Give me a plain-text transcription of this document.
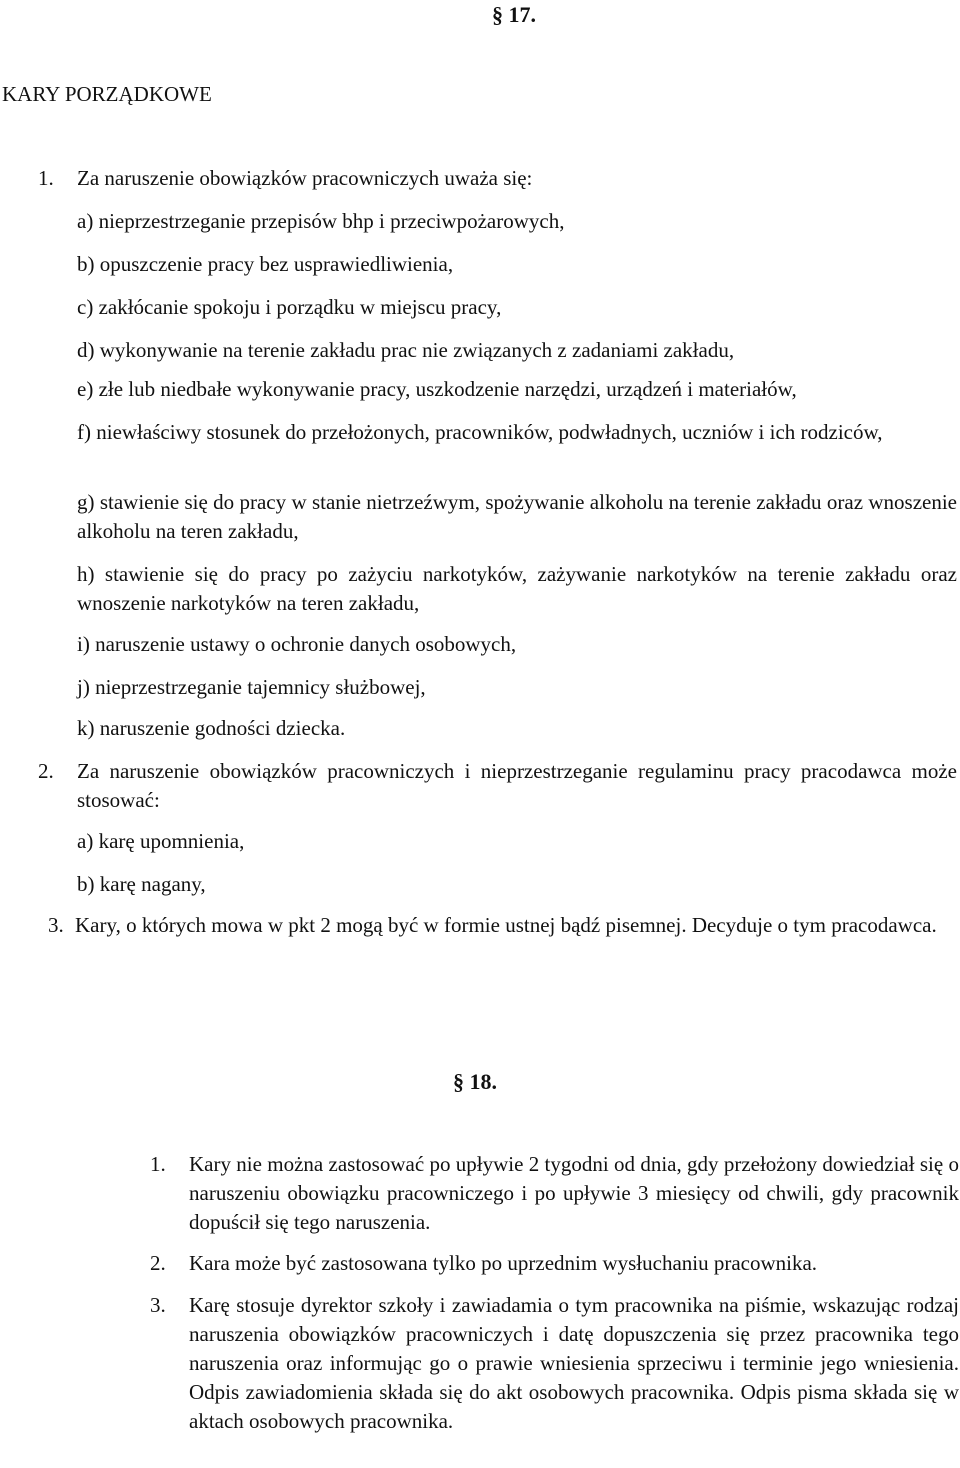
§ 17.
KARY PORZĄDKOWE
1. Za naruszenie obowiązków pracowniczych uważa się:
a) nieprzestrzeganie przepisów bhp i przeciwpożarowych,
b) opuszczenie pracy bez usprawiedliwienia,
c) zakłócanie spokoju i porządku w miejscu pracy,
d) wykonywanie na terenie zakładu prac nie związanych z zadaniami zakładu,
e) złe lub niedbałe wykonywanie pracy, uszkodzenie narzędzi, urządzeń i materiałów,
f) niewłaściwy stosunek do przełożonych, pracowników, podwładnych, uczniów i ich rodziców,
g) stawienie się do pracy w stanie nietrzeźwym, spożywanie alkoholu na terenie zakładu oraz wnoszenie alkoholu na teren zakładu,
h) stawienie się do pracy po zażyciu narkotyków, zażywanie narkotyków na terenie zakładu oraz wnoszenie narkotyków na teren zakładu,
i) naruszenie ustawy o ochronie danych osobowych,
j) nieprzestrzeganie tajemnicy służbowej,
k) naruszenie godności dziecka.
2. Za naruszenie obowiązków pracowniczych i nieprzestrzeganie regulaminu pracy pracodawca może stosować:
a) karę upomnienia,
b) karę nagany,
3. Kary, o których mowa w pkt 2 mogą być w formie ustnej bądź pisemnej. Decyduje o tym pracodawca.
§ 18.
1. Kary nie można zastosować po upływie 2 tygodni od dnia, gdy przełożony dowiedział się o naruszeniu obowiązku pracowniczego i po upływie 3 miesięcy od chwili, gdy pracownik dopuścił się tego naruszenia.
2. Kara może być zastosowana tylko po uprzednim wysłuchaniu pracownika.
3. Karę stosuje dyrektor szkoły i zawiadamia o tym pracownika na piśmie, wskazując rodzaj naruszenia obowiązków pracowniczych i datę dopuszczenia się przez pracownika tego naruszenia oraz informując go o prawie wniesienia sprzeciwu i terminie jego wniesienia. Odpis zawiadomienia składa się do akt osobowych pracownika. Odpis pisma składa się w aktach osobowych pracownika.
